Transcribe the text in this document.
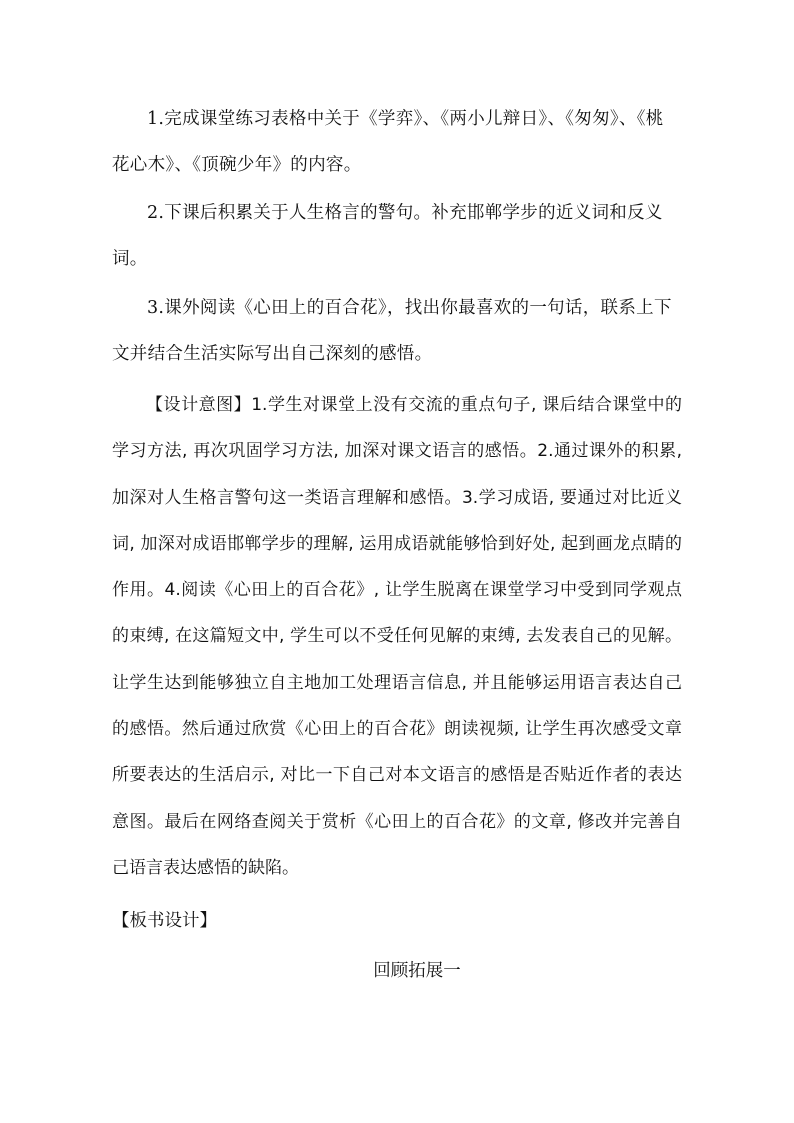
1.完成课堂练习表格中关于《学弈》、《两小儿辩日》、《匆匆》、《桃花心木》、《顶碗少年》的内容。

2.下课后积累关于人生格言的警句。补充邯郸学步的近义词和反义词。

3.课外阅读《心田上的百合花》，找出你最喜欢的一句话，联系上下文并结合生活实际写出自己深刻的感悟。

【设计意图】1.学生对课堂上没有交流的重点句子, 课后结合课堂中的学习方法, 再次巩固学习方法, 加深对课文语言的感悟。2.通过课外的积累, 加深对人生格言警句这一类语言理解和感悟。3.学习成语, 要通过对比近义词, 加深对成语邯郸学步的理解, 运用成语就能够恰到好处, 起到画龙点睛的作用。4.阅读《心田上的百合花》, 让学生脱离在课堂学习中受到同学观点的束缚, 在这篇短文中, 学生可以不受任何见解的束缚, 去发表自己的见解。让学生达到能够独立自主地加工处理语言信息, 并且能够运用语言表达自己的感悟。然后通过欣赏《心田上的百合花》朗读视频, 让学生再次感受文章所要表达的生活启示, 对比一下自己对本文语言的感悟是否贴近作者的表达意图。最后在网络查阅关于赏析《心田上的百合花》的文章, 修改并完善自己语言表达感悟的缺陷。

【板书设计】

回顾拓展一
